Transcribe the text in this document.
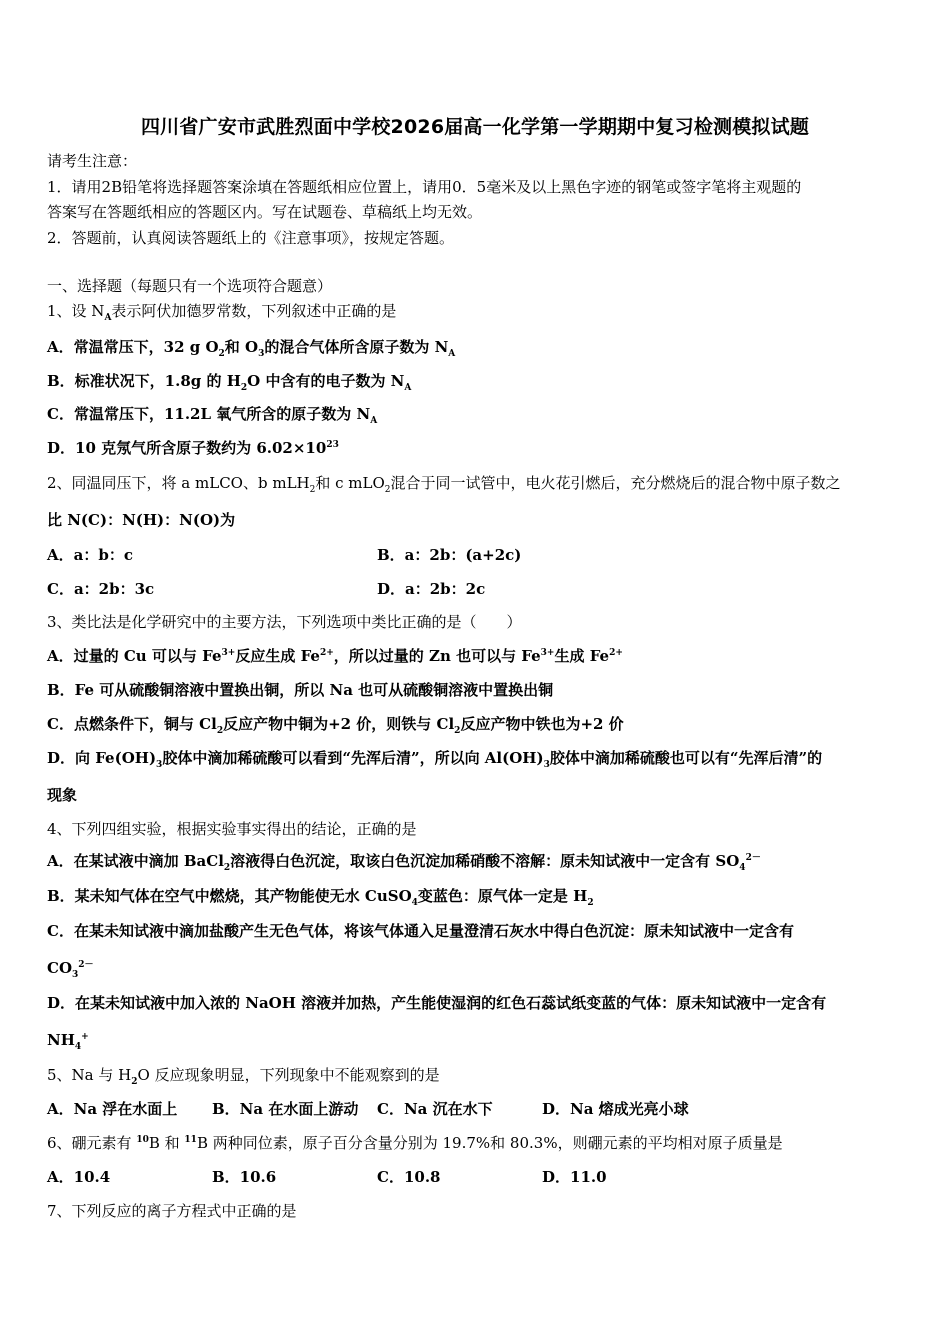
四川省广安市武胜烈面中学校2026届高一化学第一学期期中复习检测模拟试题
请考生注意：
1．请用2B铅笔将选择题答案涂填在答题纸相应位置上，请用0．5毫米及以上黑色字迹的钢笔或签字笔将主观题的
答案写在答题纸相应的答题区内。写在试题卷、草稿纸上均无效。
2．答题前，认真阅读答题纸上的《注意事项》，按规定答题。
一、选择题（每题只有一个选项符合题意）
1、设 $N_A$表示阿伏加德罗常数，下列叙述中正确的是
A．常温常压下，32 g $O_2$和 $O_3$的混合气体所含原子数为 $N_A$
B．标准状况下，1.8g 的 $H_2O$ 中含有的电子数为 $N_A$
C．常温常压下，11.2L 氧气所含的原子数为 $N_A$
D．10 克氖气所含原子数约为 $6.02\times 10^{23}$
2、同温同压下，将 a mLCO、b mLH$_2$和 c mLO$_2$混合于同一试管中，电火花引燃后，充分燃烧后的混合物中原子数之
比 N(C)：N(H)：N(O)为
A．a：b：c	B．a：2b：(a+2c)
C．a：2b：3c	D．a：2b：2c
3、类比法是化学研究中的主要方法，下列选项中类比正确的是（　　）
A．过量的 Cu 可以与 $Fe^{3+}$反应生成 $Fe^{2+}$，所以过量的 Zn 也可以与 $Fe^{3+}$生成 $Fe^{2+}$
B．Fe 可从硫酸铜溶液中置换出铜，所以 Na 也可从硫酸铜溶液中置换出铜
C．点燃条件下，铜与 $Cl_2$反应产物中铜为+2 价，则铁与 $Cl_2$反应产物中铁也为+2 价
D．向 $Fe(OH)_3$胶体中滴加稀硫酸可以看到“先浑后清”，所以向 $Al(OH)_3$胶体中滴加稀硫酸也可以有“先浑后清”的
现象
4、下列四组实验，根据实验事实得出的结论，正确的是
A．在某试液中滴加 BaCl$_2$溶液得白色沉淀，取该白色沉淀加稀硝酸不溶解：原未知试液中一定含有 $SO_4^{2-}$
B．某未知气体在空气中燃烧，其产物能使无水 CuSO$_4$变蓝色：原气体一定是 $H_2$
C．在某未知试液中滴加盐酸产生无色气体，将该气体通入足量澄清石灰水中得白色沉淀：原未知试液中一定含有
$CO_3^{2-}$
D．在某未知试液中加入浓的 NaOH 溶液并加热，产生能使湿润的红色石蕊试纸变蓝的气体：原未知试液中一定含有
$NH_4^+$
5、Na 与 $H_2O$ 反应现象明显，下列现象中不能观察到的是
A．Na 浮在水面上 B．Na 在水面上游动 C．Na 沉在水下	D．Na 熔成光亮小球
6、硼元素有 $^{10}$B 和 $^{11}$B 两种同位素，原子百分含量分别为 19.7%和 80.3%，则硼元素的平均相对原子质量是
A．10.4	B．10.6	C．10.8	D．11.0
7、下列反应的离子方程式中正确的是
